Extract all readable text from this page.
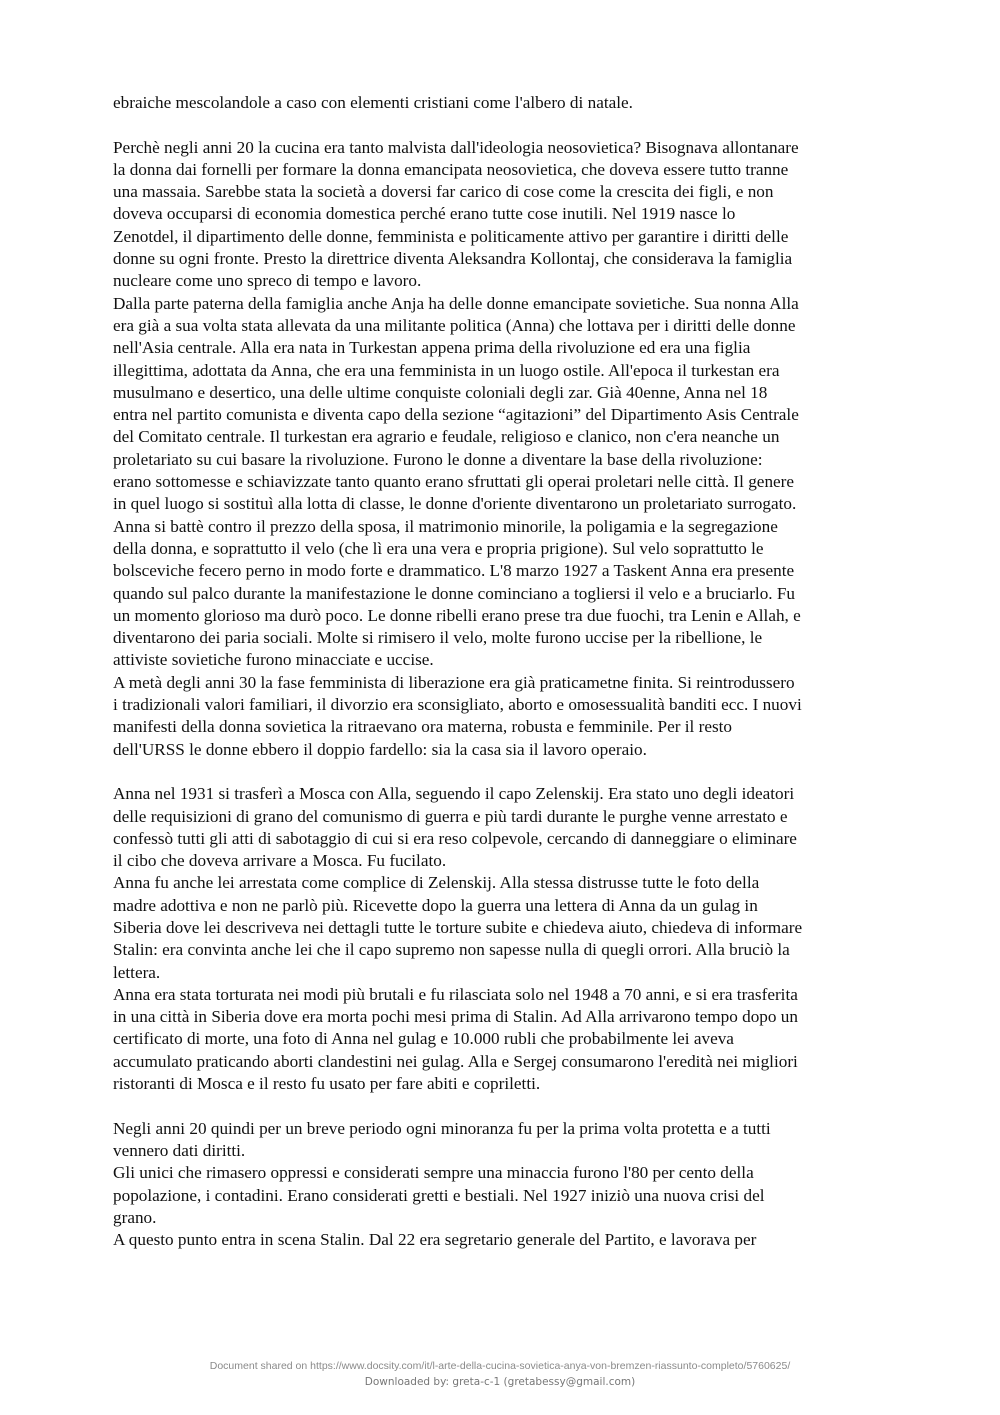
ebraiche mescolandole a caso con elementi cristiani come l'albero di natale.
Perchè negli anni 20 la cucina era tanto malvista dall'ideologia neosovietica? Bisognava allontanare
la donna dai fornelli per formare la donna emancipata neosovietica, che doveva essere tutto tranne
una massaia. Sarebbe stata la società a doversi far carico di cose come la crescita dei figli, e non
doveva occuparsi di economia domestica perché erano tutte cose inutili. Nel 1919 nasce lo
Zenotdel, il dipartimento delle donne, femminista e politicamente attivo per garantire i diritti delle
donne su ogni fronte. Presto la direttrice diventa Aleksandra Kollontaj, che considerava la famiglia
nucleare come uno spreco di tempo e lavoro.
Dalla parte paterna della famiglia anche Anja ha delle donne emancipate sovietiche. Sua nonna Alla
era già a sua volta stata allevata da una militante politica (Anna) che lottava per i diritti delle donne
nell'Asia centrale. Alla era nata in Turkestan appena prima della rivoluzione ed era una figlia
illegittima, adottata da Anna, che era una femminista in un luogo ostile. All'epoca il turkestan era
musulmano e desertico, una delle ultime conquiste coloniali degli zar. Già 40enne, Anna nel 18
entra nel partito comunista e diventa capo della sezione “agitazioni” del Dipartimento Asis Centrale
del Comitato centrale. Il turkestan era agrario e feudale, religioso e clanico, non c'era neanche un
proletariato su cui basare la rivoluzione. Furono le donne a diventare la base della rivoluzione:
erano sottomesse e schiavizzate tanto quanto erano sfruttati gli operai proletari nelle città. Il genere
in quel luogo si sostituì alla lotta di classe, le donne d'oriente diventarono un proletariato surrogato.
Anna si battè contro il prezzo della sposa, il matrimonio minorile, la poligamia e la segregazione
della donna, e soprattutto il velo (che lì era una vera e propria prigione). Sul velo soprattutto le
bolsceviche fecero perno in modo forte e drammatico. L'8 marzo 1927 a Taskent Anna era presente
quando sul palco durante la manifestazione le donne cominciano a togliersi il velo e a bruciarlo. Fu
un momento glorioso ma durò poco. Le donne ribelli erano prese tra due fuochi, tra Lenin e Allah, e
diventarono dei paria sociali. Molte si rimisero il velo, molte furono uccise per la ribellione, le
attiviste sovietiche furono minacciate e uccise.
A metà degli anni 30 la fase femminista di liberazione era già praticametne finita. Si reintrodussero
i tradizionali valori familiari, il divorzio era sconsigliato, aborto e omosessualità banditi ecc. I nuovi
manifesti della donna sovietica la ritraevano ora materna, robusta e femminile. Per il resto
dell'URSS le donne ebbero il doppio fardello: sia la casa sia il lavoro operaio.
Anna nel 1931 si trasferì a Mosca con Alla, seguendo il capo Zelenskij. Era stato uno degli ideatori
delle requisizioni di grano del comunismo di guerra e più tardi durante le purghe venne arrestato e
confessò tutti gli atti di sabotaggio di cui si era reso colpevole, cercando di danneggiare o eliminare
il cibo che doveva arrivare a Mosca. Fu fucilato.
Anna fu anche lei arrestata come complice di Zelenskij. Alla stessa distrusse tutte le foto della
madre adottiva e non ne parlò più. Ricevette dopo la guerra una lettera di Anna da un gulag in
Siberia dove lei descriveva nei dettagli tutte le torture subite e chiedeva aiuto, chiedeva di informare
Stalin: era convinta anche lei che il capo supremo non sapesse nulla di quegli orrori. Alla bruciò la
lettera.
Anna era stata torturata nei modi più brutali e fu rilasciata solo nel 1948 a 70 anni, e si era trasferita
in una città in Siberia dove era morta pochi mesi prima di Stalin. Ad Alla arrivarono tempo dopo un
certificato di morte, una foto di Anna nel gulag e 10.000 rubli che probabilmente lei aveva
accumulato praticando aborti clandestini nei gulag. Alla e Sergej consumarono l'eredità nei migliori
ristoranti di Mosca e il resto fu usato per fare abiti e copriletti.
Negli anni 20 quindi per un breve periodo ogni minoranza fu per la prima volta protetta e a tutti
vennero dati diritti.
Gli unici che rimasero oppressi e considerati sempre una minaccia furono l'80 per cento della
popolazione, i contadini. Erano considerati gretti e bestiali. Nel 1927 iniziò una nuova crisi del
grano.
A questo punto entra in scena Stalin. Dal 22 era segretario generale del Partito, e lavorava per
Document shared on https://www.docsity.com/it/l-arte-della-cucina-sovietica-anya-von-bremzen-riassunto-completo/5760625/
Downloaded by: greta-c-1 (gretabessy@gmail.com)
